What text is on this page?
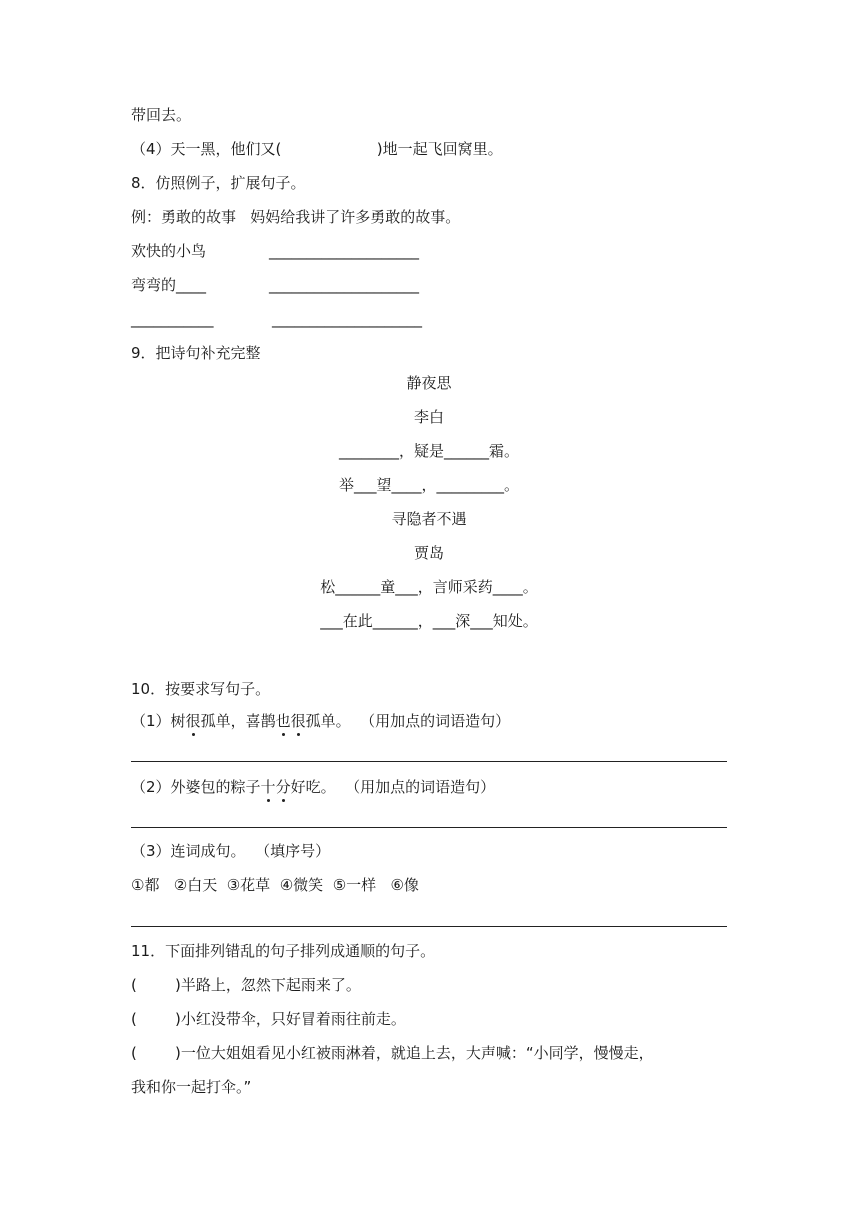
带回去。
（4）天一黑，他们又(                    )地一起飞回窝里。
8．仿照例子，扩展句子。
例：勇敢的故事   妈妈给我讲了许多勇敢的故事。
欢快的小鸟	____________________
弯弯的____	____________________
___________	____________________
9．把诗句补充完整
静夜思
李白
________，疑是______霜。
举___望____，_________。
寻隐者不遇
贾岛
松______童___，言师采药____。
___在此______，___深___知处。
10．按要求写句子。
（1）树很孤单，喜鹊也很孤单。  （用加点的词语造句）
（2）外婆包的粽子十分好吃。  （用加点的词语造句）
（3）连词成句。  （填序号）
①都   ②白天  ③花草  ④微笑  ⑤一样   ⑥像
11．下面排列错乱的句子排列成通顺的句子。
(        )半路上，忽然下起雨来了。
(        )小红没带伞，只好冒着雨往前走。
(        )一位大姐姐看见小红被雨淋着，就追上去，大声喊：“小同学，慢慢走，
我和你一起打伞。”
